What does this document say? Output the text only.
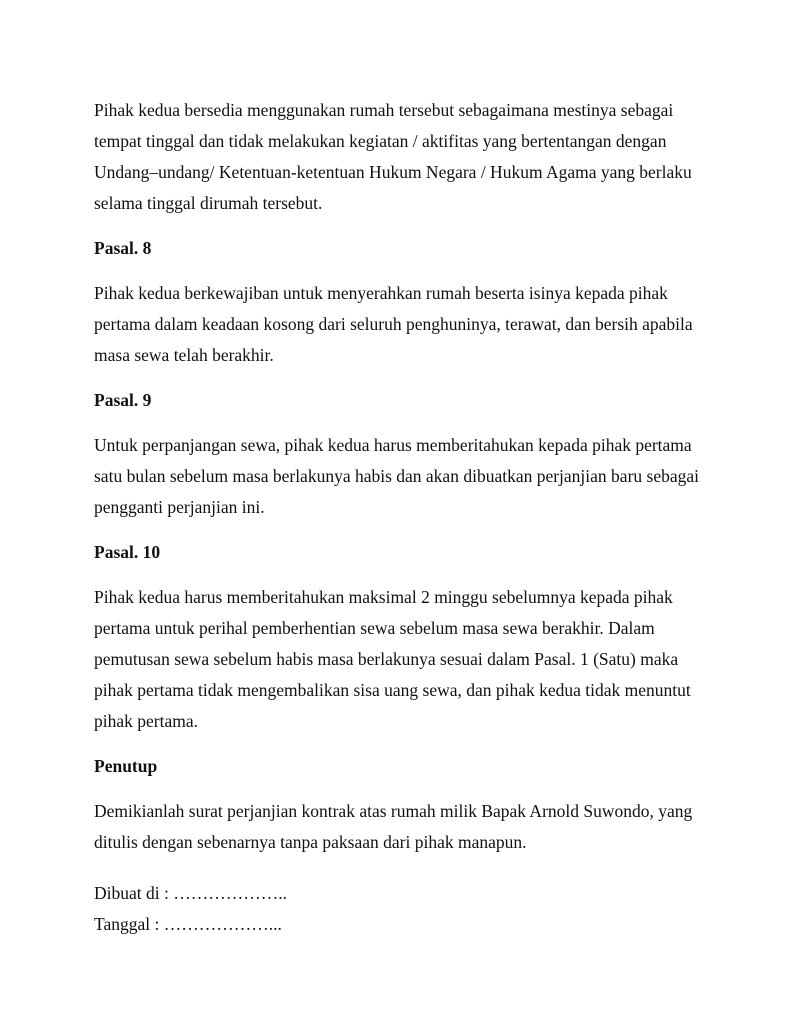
Pihak kedua bersedia menggunakan rumah tersebut sebagaimana mestinya sebagai tempat tinggal dan tidak melakukan kegiatan / aktifitas yang bertentangan dengan Undang–undang/ Ketentuan-ketentuan Hukum Negara / Hukum Agama yang berlaku selama tinggal dirumah tersebut.

Pasal. 8

Pihak kedua berkewajiban untuk menyerahkan rumah beserta isinya kepada pihak pertama dalam keadaan kosong dari seluruh penghuninya, terawat, dan bersih apabila masa sewa telah berakhir.

Pasal. 9

Untuk perpanjangan sewa, pihak kedua harus memberitahukan kepada pihak pertama satu bulan sebelum masa berlakunya habis dan akan dibuatkan perjanjian baru sebagai pengganti perjanjian ini.

Pasal. 10

Pihak kedua harus memberitahukan maksimal 2 minggu sebelumnya kepada pihak pertama untuk perihal pemberhentian sewa sebelum masa sewa berakhir. Dalam pemutusan sewa sebelum habis masa berlakunya sesuai dalam Pasal. 1 (Satu) maka pihak pertama tidak mengembalikan sisa uang sewa, dan pihak kedua tidak menuntut pihak pertama.

Penutup

Demikianlah surat perjanjian kontrak atas rumah milik Bapak Arnold Suwondo, yang ditulis dengan sebenarnya tanpa paksaan dari pihak manapun.

Dibuat di : ………………..

Tanggal : ………………...
